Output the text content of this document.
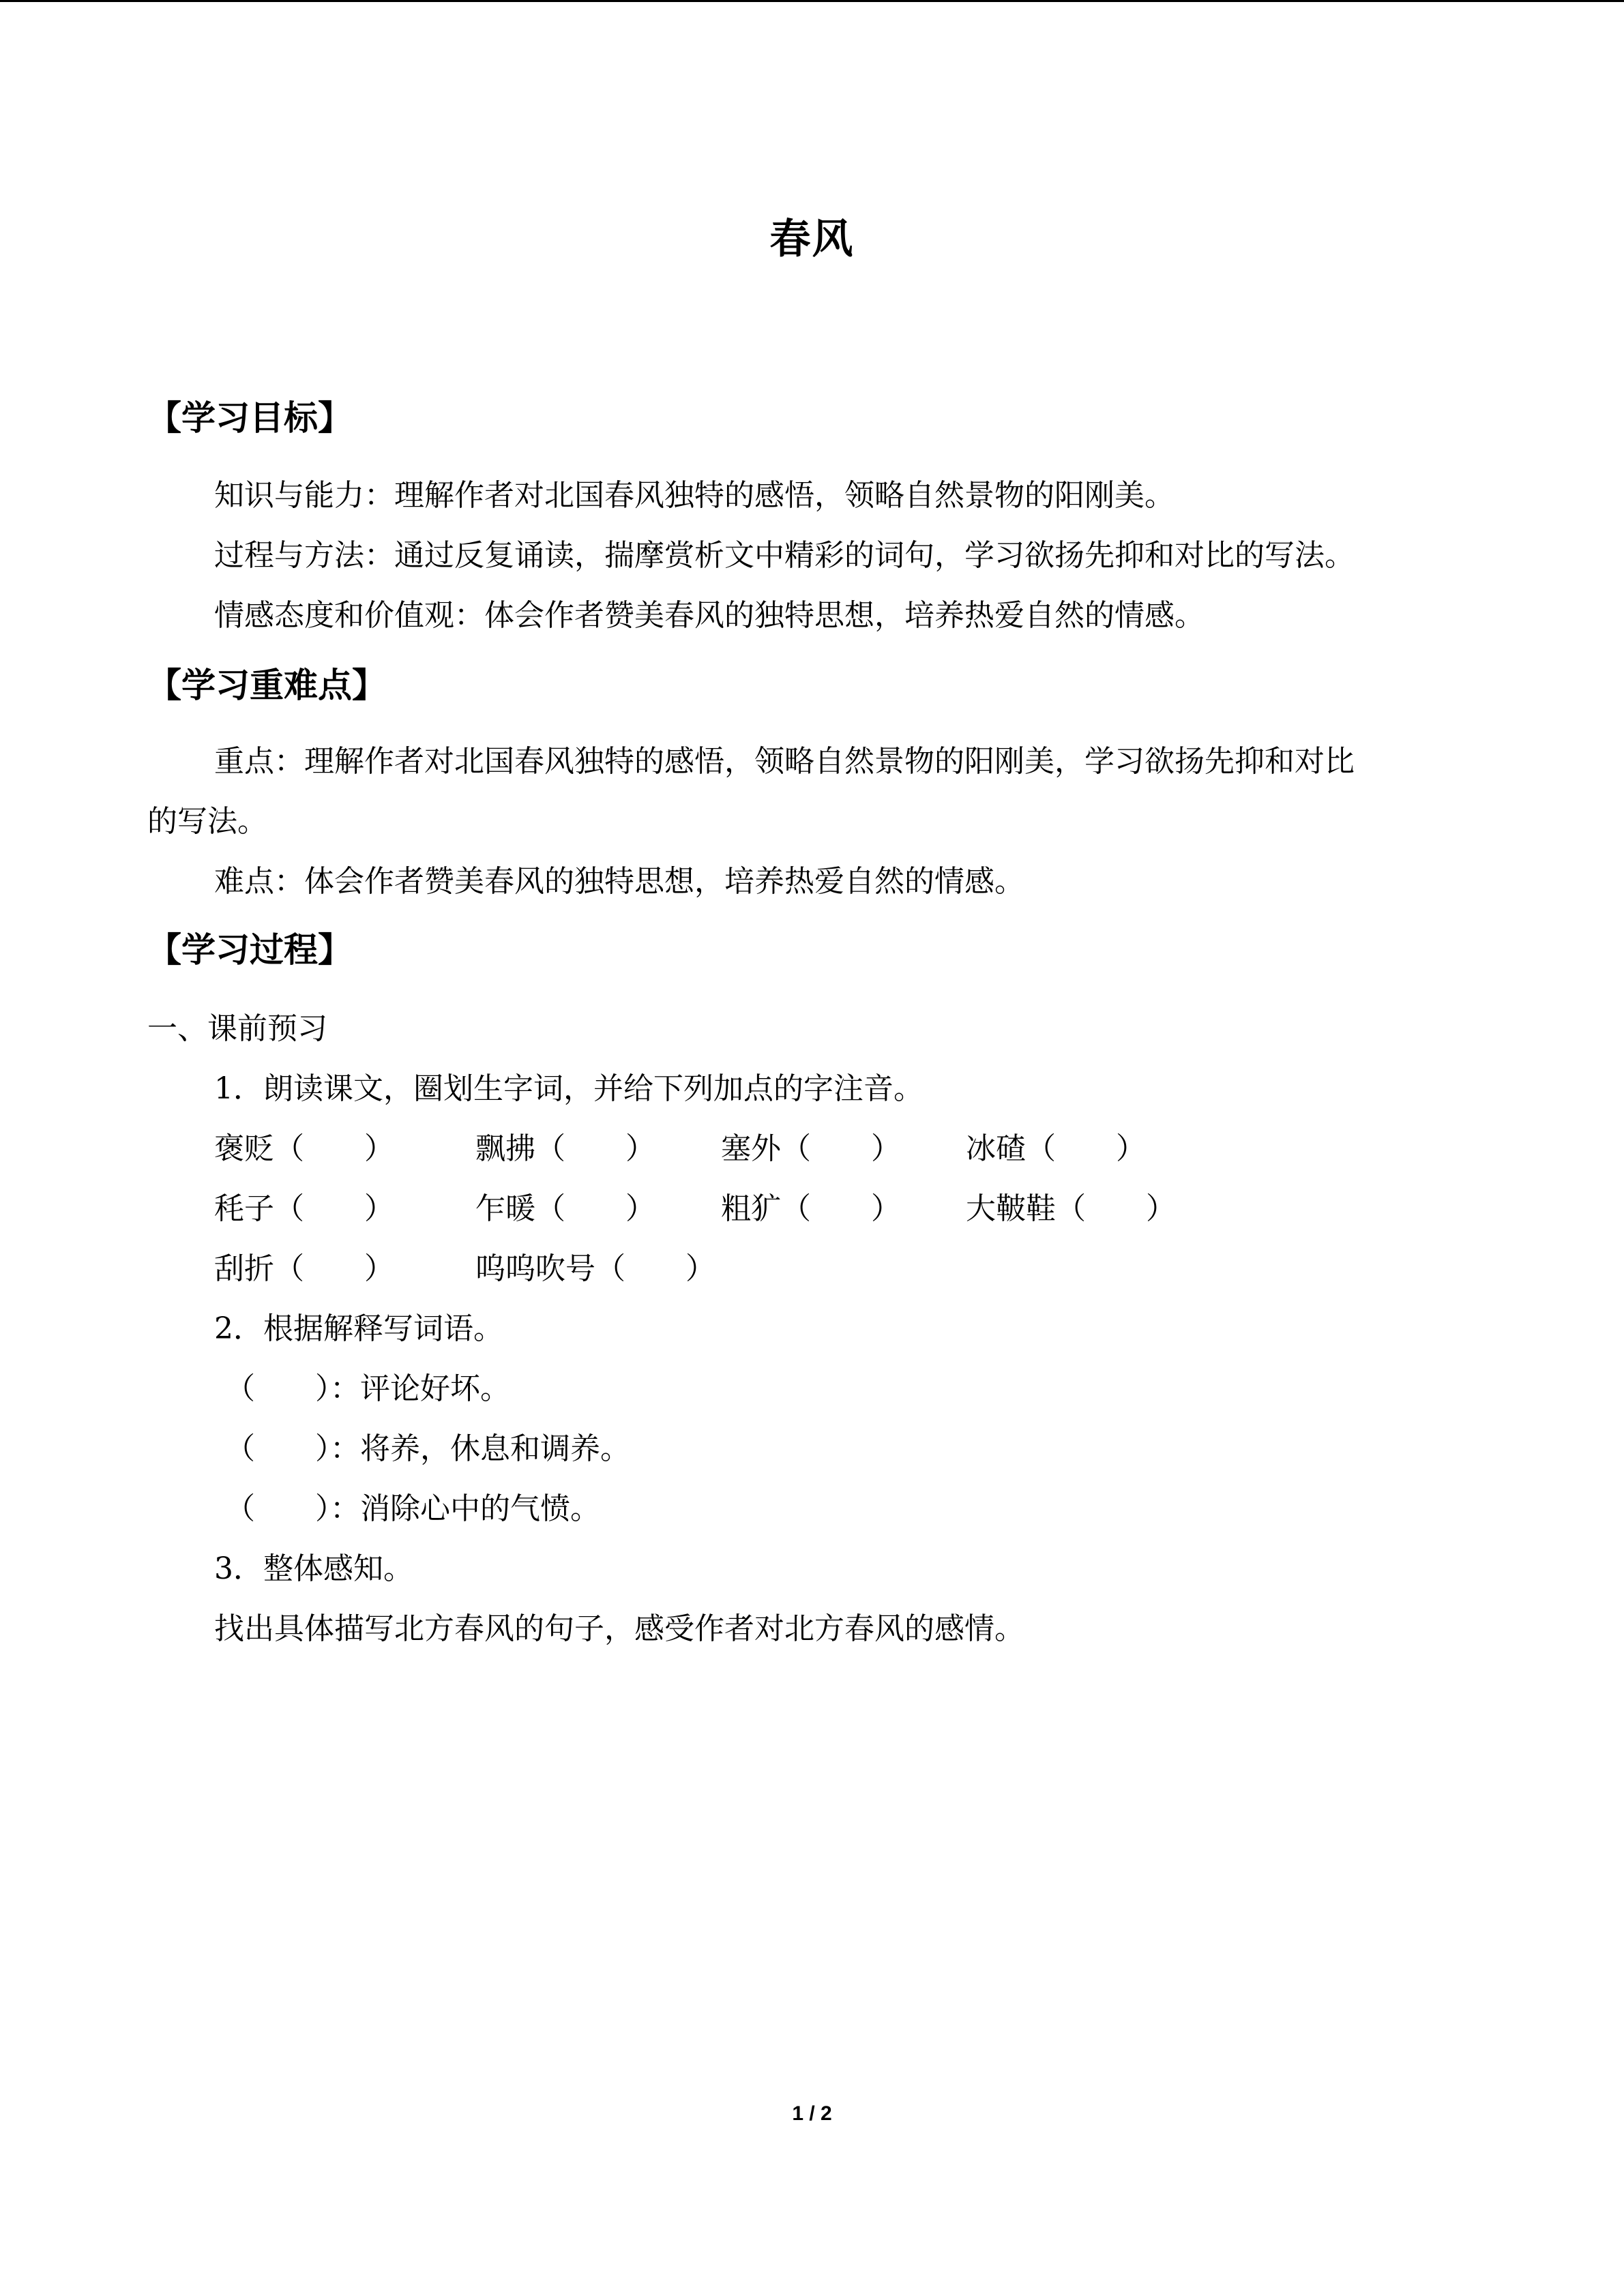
春风
【学习目标】
知识与能力：理解作者对北国春风独特的感悟，领略自然景物的阳刚美。
过程与方法：通过反复诵读，揣摩赏析文中精彩的词句，学习欲扬先抑和对比的写法。
情感态度和价值观：体会作者赞美春风的独特思想，培养热爱自然的情感。
【学习重难点】
重点：理解作者对北国春风独特的感悟，领略自然景物的阳刚美，学习欲扬先抑和对比
的写法。
难点：体会作者赞美春风的独特思想，培养热爱自然的情感。
【学习过程】
一、课前预习
1．朗读课文，圈划生字词，并给下列加点的字注音。
褒贬（　　）	飘拂（　　） 塞外（　　） 冰碴（　　）
秏子（　　）	乍暖（　　） 粗犷（　　） 大鞁鞋（　　）
刮折（　　）	呜呜吹号（　　）
2．根据解释写词语。
（　　）：评论好坏。
（　　）：将养，休息和调养。
（　　）：消除心中的气愤。
3．整体感知。
找出具体描写北方春风的句子，感受作者对北方春风的感情。
1 / 2
